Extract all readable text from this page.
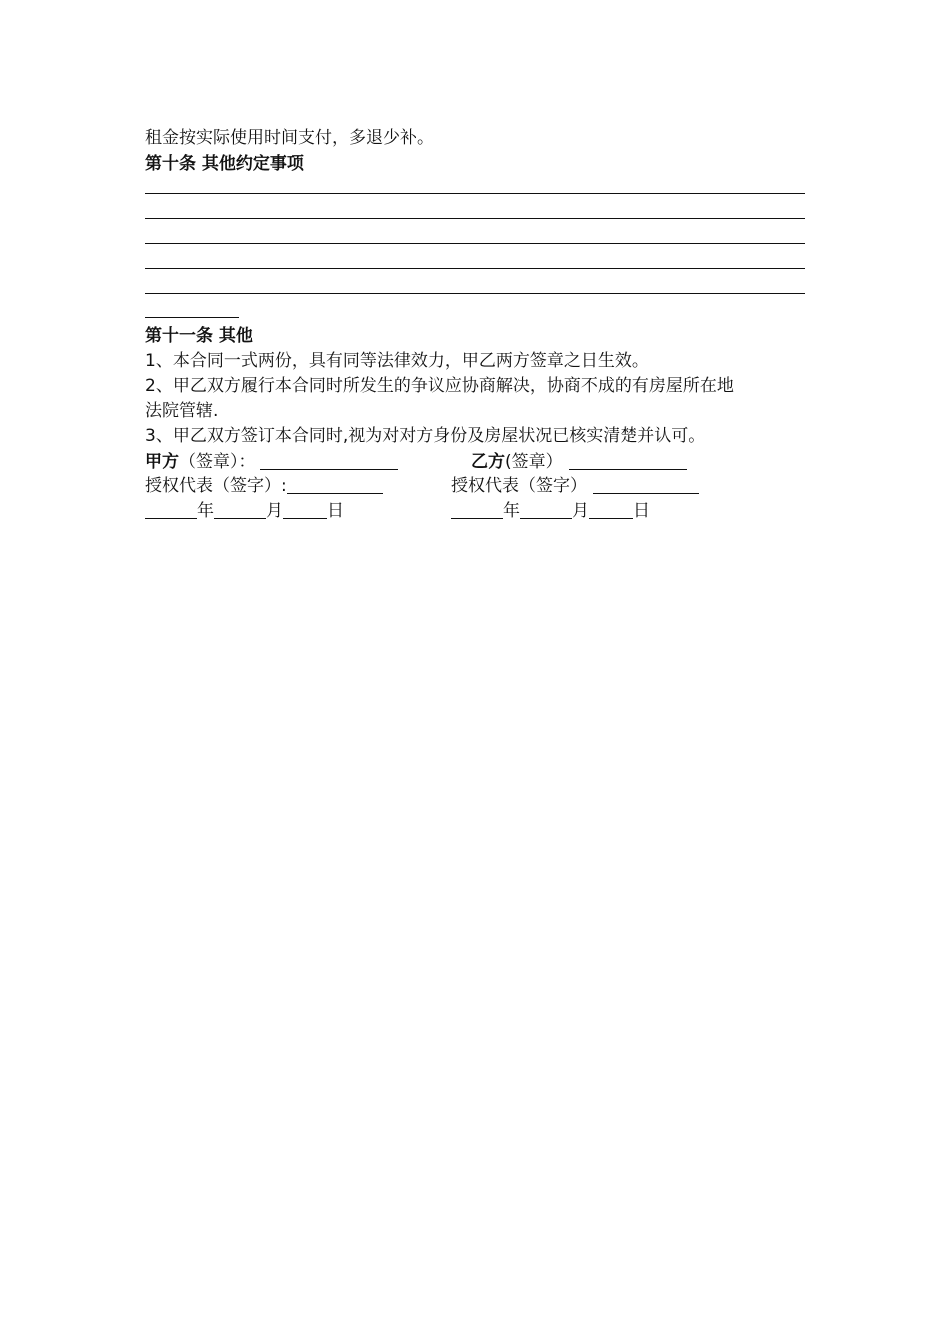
租金按实际使用时间支付，多退少补。
第十条 其他约定事项
第十一条 其他
1、本合同一式两份，具有同等法律效力，甲乙两方签章之日生效。
2、甲乙双方履行本合同时所发生的争议应协商解决，协商不成的有房屋所在地
法院管辖.
3、甲乙双方签订本合同时,视为对对方身份及房屋状况已核实清楚并认可。
甲方（签章）：	乙方(签章）
授权代表（签字）:	授权代表（签字）
年	月	日	年	月	日
